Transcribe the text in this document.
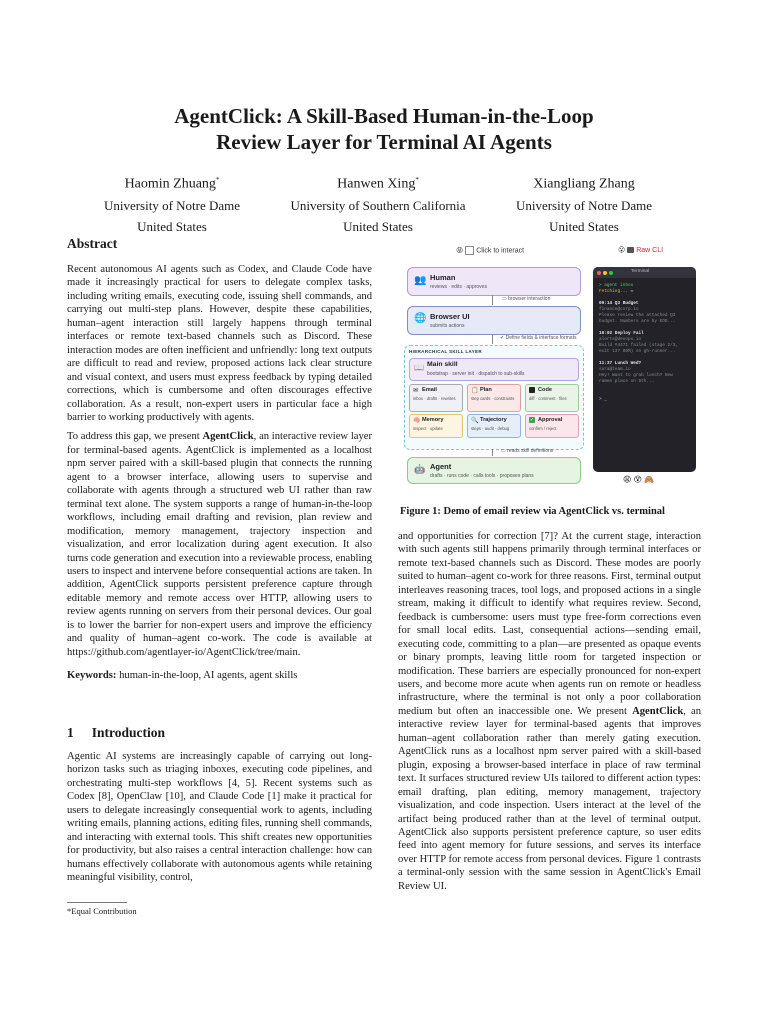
AgentClick: A Skill-Based Human-in-the-Loop
Review Layer for Terminal AI Agents
Haomin Zhuang*
University of Notre Dame
United States
Hanwen Xing*
University of Southern California
United States
Xiangliang Zhang
University of Notre Dame
United States
Abstract

Recent autonomous AI agents such as Codex, and Claude Code have made it increasingly practical for users to delegate complex tasks, including writing emails, executing code, issuing shell commands, and carrying out multi-step plans. However, despite these capabilities, human–agent interaction still largely happens through terminal interfaces or remote text-based channels such as Discord. These interaction modes are often inefficient and unfriendly: long text outputs are difficult to read and review, proposed actions lack clear structure and visual context, and users must express feedback by typing detailed corrections, which is cumbersome and often discourages effective collaboration. As a result, non-expert users in particular face a high barrier to working productively with agents.

To address this gap, we present AgentClick, an interactive review layer for terminal-based agents. AgentClick is implemented as a localhost npm server paired with a skill-based plugin that connects the running agent to a browser interface, allowing users to supervise and collaborate with agents through a structured web UI rather than raw terminal text alone. The system supports a range of human-in-the-loop workflows, including email drafting and revision, plan review and modification, memory management, trajectory inspection and visualization, and error localization during agent execution. It also turns code generation and execution into a reviewable process, enabling users to inspect and intervene before consequential actions are taken. In addition, AgentClick supports persistent preference capture through editable memory and remote access over HTTP, allowing users to review agents running on servers from their personal devices. Our goal is to lower the barrier for non-expert users and improve the efficiency and quality of human–agent co-work. The code is available at https://github.com/agentlayer-io/AgentClick/tree/main.

Keywords: human-in-the-loop, AI agents, agent skills

1 Introduction

Agentic AI systems are increasingly capable of carrying out long-horizon tasks such as triaging inboxes, executing code pipelines, and orchestrating multi-step workflows [4, 5]. Recent systems such as Codex [8], OpenClaw [10], and Claude Code [1] make it practical for users to delegate increasingly consequential work to agents, including writing emails, planning actions, editing files, running shell commands, and interacting with external tools. This shift creates new opportunities for productivity, but also raises a central interaction challenge: how can humans effectively collaborate with autonomous agents while retaining meaningful visibility, control,

*Equal Contribution
😝 Click to interact	😮 Raw CLI
👥 Human
reviews · edits · approves
▭ browser interaction
🌐 Browser UI
submits actions
✔ Define fields & interface formats
HIERARCHICAL SKILL LAYER
📖 Main skill
bootstrap · server init · dispatch to sub-skills
✉ Email
inbox · drafts · rewrites
📋 Plan
step cards · constraints
Code
diff · comment · files
🧠 Memory
inspect · update
🔍 Trajectory
steps · audit · debug
✓ Approval
confirm / reject
▭ reads skill definitions
🤖 Agent
drafts · runs code · calls tools · proposes plans
Terminal
> agent inbox
Fetching... ✉

09:14 Q3 Budget
finance@corp.io
Please review the attached Q3
budget. Numbers are by EOD...

10:02 Deploy Fail
alerts@devops.io
Build #4471 failed (stage 2/3,
exit 137 OOM) on gh-runner...

11:37 Lunch Wed?
sara@team.io
Hey! Want to grab lunch? New
ramen place on 5th...

> _
😩 😵 🙈
Figure 1: Demo of email review via AgentClick vs. terminal

and opportunities for correction [7]? At the current stage, interaction with such agents still happens primarily through terminal interfaces or remote text-based channels such as Discord. These modes are poorly suited to human–agent co-work for three reasons. First, terminal output interleaves reasoning traces, tool logs, and proposed actions in a single stream, making it difficult to identify what requires review. Second, feedback is cumbersome: users must type free-form corrections even for small local edits. Last, consequential actions—sending email, executing code, committing to a plan—are presented as opaque events or binary prompts, leaving little room for targeted inspection or modification. These barriers are especially pronounced for non-expert users, and become more acute when agents run on remote or headless infrastructure, where the terminal is not only a poor collaboration medium but often an inaccessible one. We present AgentClick, an interactive review layer for terminal-based agents that improves human–agent collaboration rather than merely gating execution. AgentClick runs as a localhost npm server paired with a skill-based plugin, exposing a browser-based interface in place of raw terminal text. It surfaces structured review UIs tailored to different action types: email drafting, plan editing, memory management, trajectory visualization, and code inspection. Users interact at the level of the artifact being produced rather than at the level of terminal output. AgentClick also supports persistent preference capture, so user edits feed into agent memory for future sessions, and serves its interface over HTTP for remote access from personal devices. Figure 1 contrasts a terminal-only session with the same session in AgentClick's Email Review UI.
